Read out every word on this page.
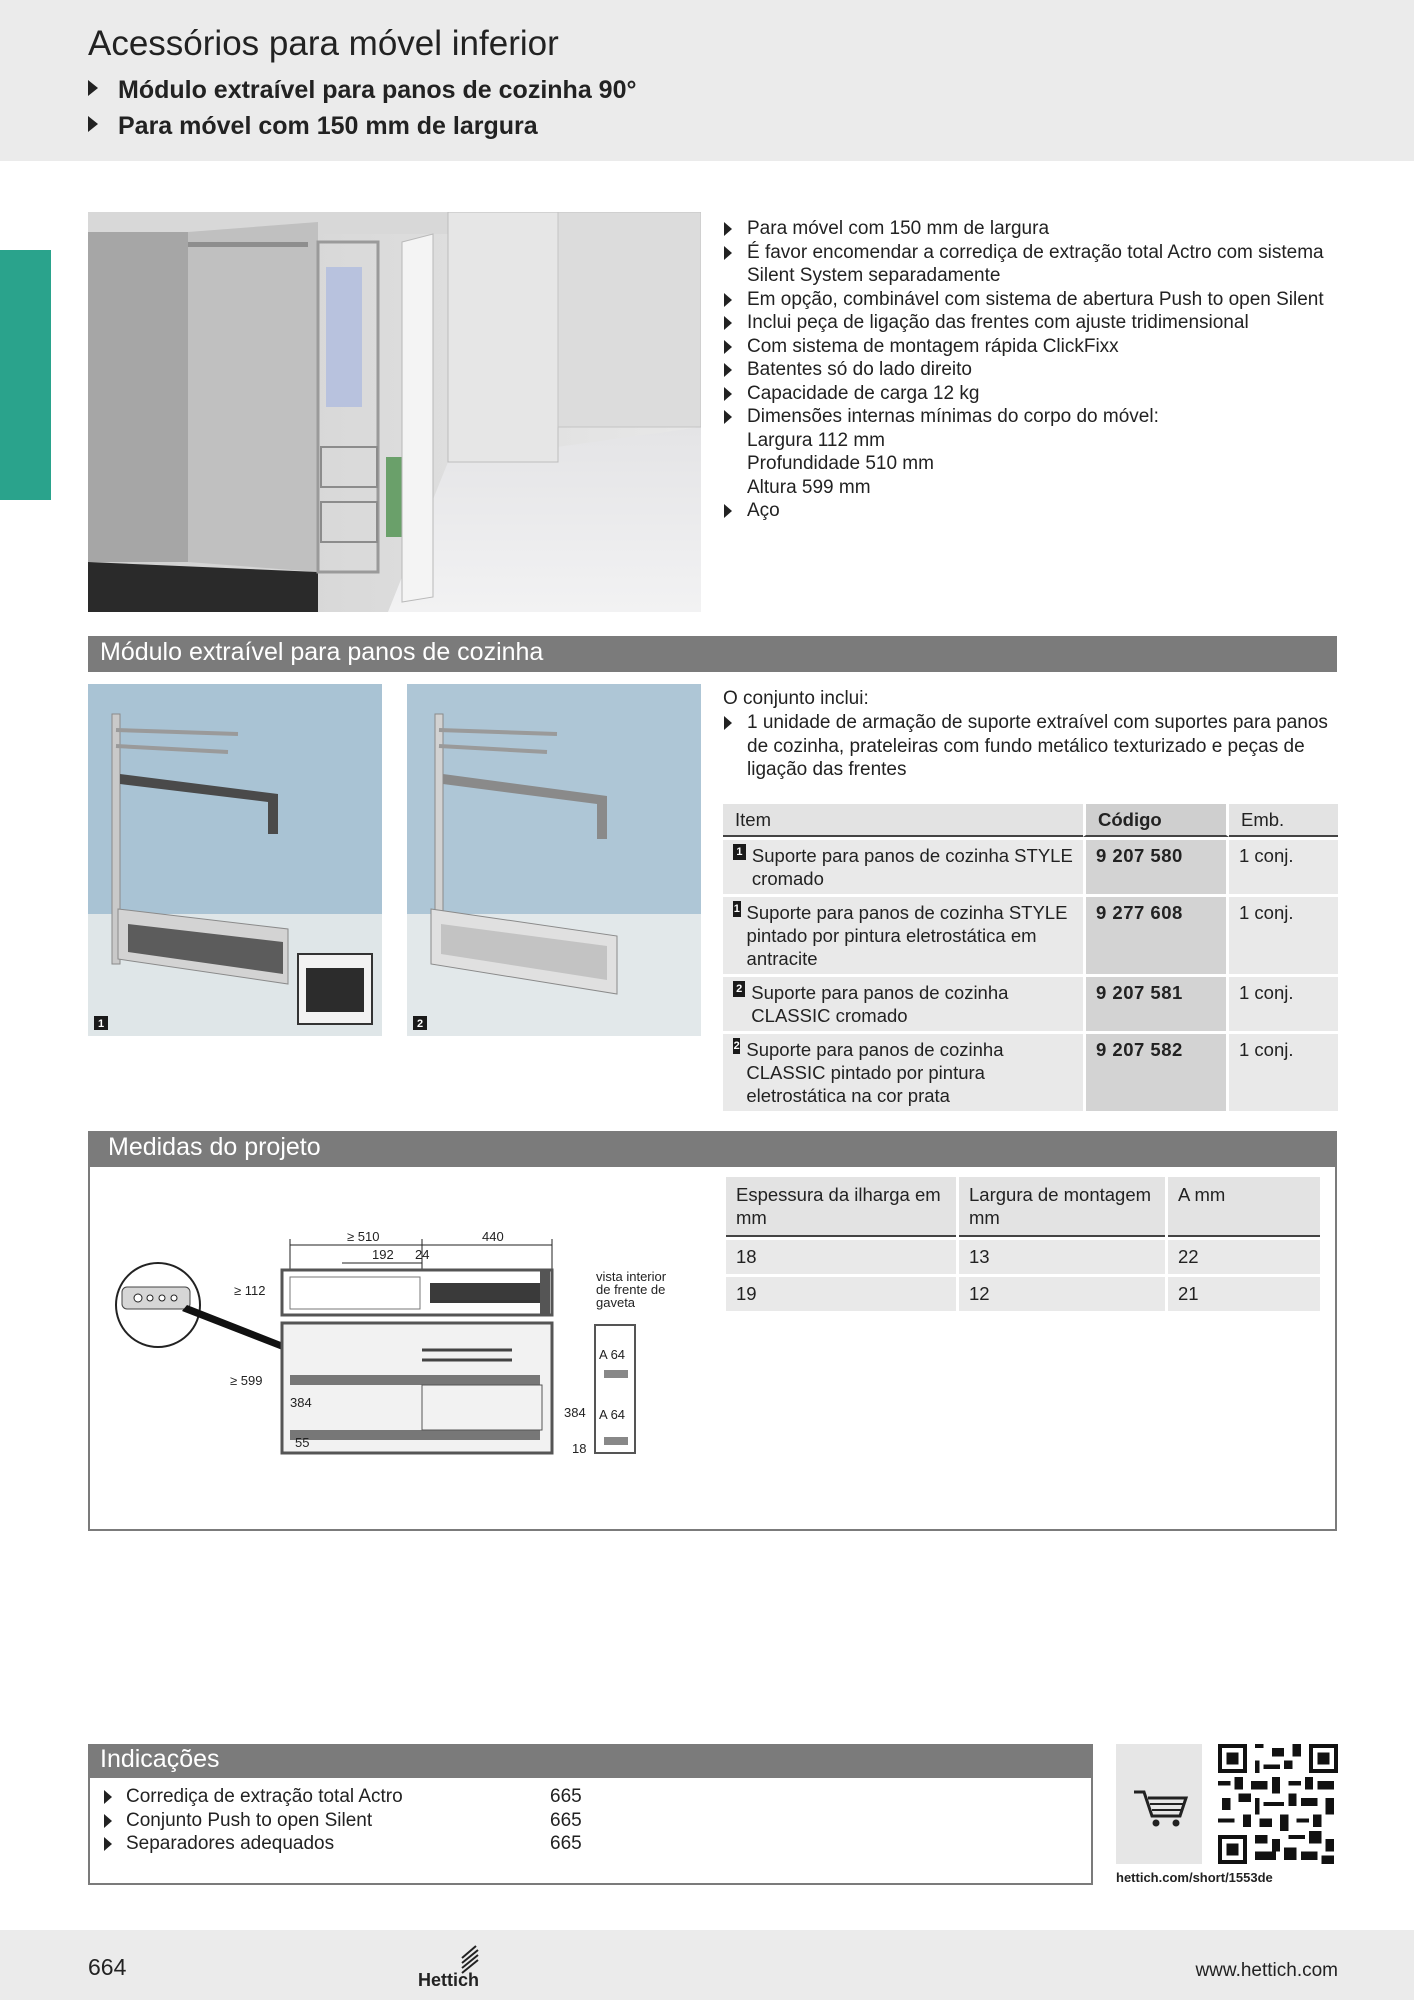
Acessórios para móvel inferior
Módulo extraível para panos de cozinha 90°
Para móvel com 150 mm de largura
Para móvel com 150 mm de largura
É favor encomendar a corrediça de extração total Actro com sistema Silent System separadamente
Em opção, combinável com sistema de abertura Push to open Silent
Inclui peça de ligação das frentes com ajuste tridimensional
Com sistema de montagem rápida ClickFixx
Batentes só do lado direito
Capacidade de carga 12 kg
Dimensões internas mínimas do corpo do móvel:
Largura 112 mm
Profundidade 510 mm
Altura 599 mm
Aço
Módulo extraível para panos de cozinha
1	2
O conjunto inclui:
1 unidade de armação de suporte extraível com suportes para panos de cozinha, prateleiras com fundo metálico texturizado e peças de ligação das frentes
Item	Código	Emb.

1 Suporte para panos de cozinha STYLE cromado	9 207 580	1 conj.

1 Suporte para panos de cozinha STYLE pintado por pintura eletrostática em antracite	9 277 608	1 conj.

2 Suporte para panos de cozinha CLASSIC cromado	9 207 581	1 conj.

2 Suporte para panos de cozinha CLASSIC pintado por pintura eletrostática na cor prata	9 207 582	1 conj.
Medidas do projeto
≥ 510	440
192 24
≥ 112
≥ 599
384
55
384
18
A 64
A 64
vista interior
de frente de
gaveta
Espessura da ilharga em mm	Largura de montagem mm	A mm
18	13	22
19	12	21
Indicações
Corrediça de extração total Actro	665
Conjunto Push to open Silent	665
Separadores adequados	665
hettich.com/short/1553de
664	Hettich	www.hettich.com
